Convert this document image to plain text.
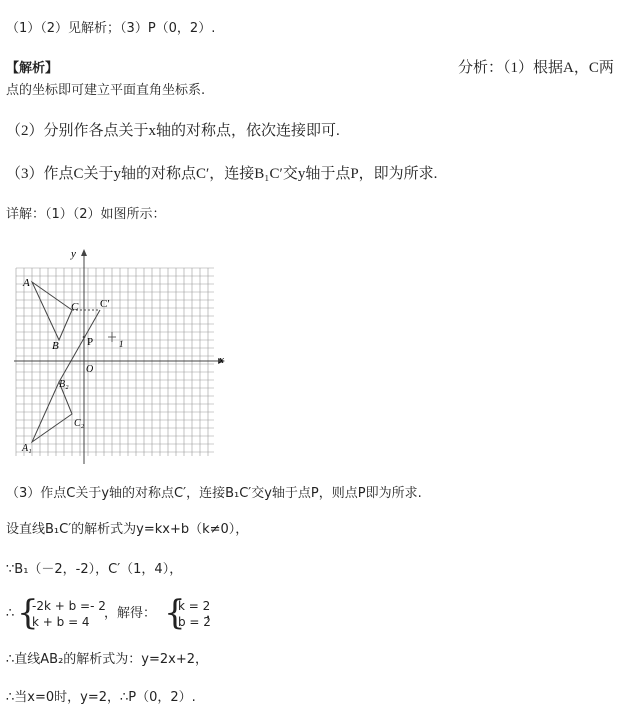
（1）（2）见解析；（3）P（0，2）.
【解析】	分析：（1）根据A，C两
点的坐标即可建立平面直角坐标系.
（2）分别作各点关于x轴的对称点，依次连接即可.
（3）作点C关于y轴的对称点C′，连接B₁C′交y轴于点P，即为所求.
详解：（1）（2）如图所示：
x
y
O
A
C
B
C′
P	1
B₂
C₂
A₁
（3）作点C关于y轴的对称点C′，连接B₁C′交y轴于点P，则点P即为所求.
设直线B₁C′的解析式为y=kx+b（k≠0），
∵B₁（－2，-2），C′（1，4），
∴ {
-2k + b =- 2
k + b = 4
，解得： {
k = 2
b = 2
，
∴直线AB₂的解析式为：y=2x+2，
∴当x=0时，y=2，∴P（0，2）.
